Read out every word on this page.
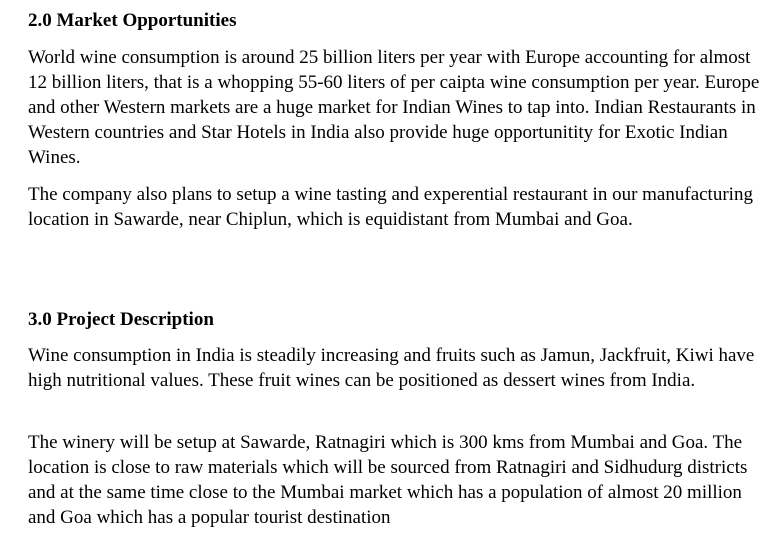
2.0 Market Opportunities

World wine consumption is around 25 billion liters per year with Europe accounting for almost 12 billion liters, that is a whopping 55-60 liters of per caipta wine consumption per year. Europe and other Western markets are a huge market for Indian Wines to tap into. Indian Restaurants in Western countries and Star Hotels in India also provide huge opportunitity for Exotic Indian Wines.

The company also plans to setup a wine tasting and experential restaurant in our manufacturing location in Sawarde, near Chiplun, which is equidistant from Mumbai and Goa.

3.0 Project Description

Wine consumption in India is steadily increasing and fruits such as Jamun, Jackfruit, Kiwi have high nutritional values. These fruit wines can be positioned as dessert wines from India.

The winery will be setup at Sawarde, Ratnagiri which is 300 kms from Mumbai and Goa. The location is close to raw materials which will be sourced from Ratnagiri and Sidhudurg districts and at the same time close to the Mumbai market which has a population of almost 20 million and Goa which has a popular tourist destination
